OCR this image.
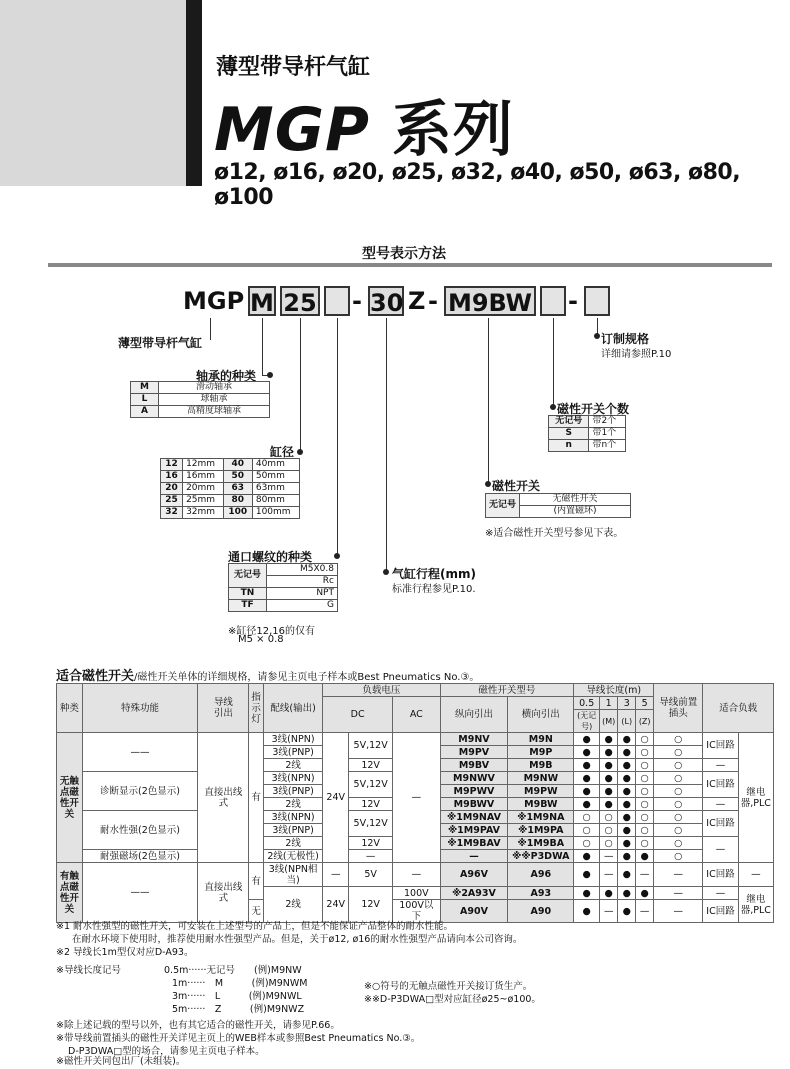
薄型带导杆气缸
MGP 系列
ø12, ø16, ø20, ø25, ø32, ø40, ø50, ø63, ø80, ø100
型号表示方法
MGP M 25 - 30 Z - M9BW -
薄型带导杆气缸
轴承的种类
M	滑动轴承
L	球轴承
A	高精度球轴承
缸径
12	12mm	40	40mm
16	16mm	50	50mm
20	20mm	63	63mm
25	25mm	80	80mm
32	32mm	100	100mm
通口螺纹的种类
无记号	M5X0.8
	Rc
TN	NPT
TF	G
※缸径12,16的仅有
M5 × 0.8
气缸行程(mm)
标准行程参见P.10.
磁性开关
无记号	无磁性开关
(内置磁环)
※适合磁性开关型号参见下表。
磁性开关个数
无记号	带2个
S	带1个
n	带n个
订制规格
详细请参照P.10
适合磁性开关/磁性开关单体的详细规格，请参见主页电子样本或Best Pneumatics No.③。
种类	特殊功能	导线
引出	指示灯	配线(输出)	负载电压			磁性开关型号		导线长度(m)				导线前置插头	适合负载	
					DC		AC	纵向引出	横向引出	0.5	1	3	5			
										(无记号)	(M)	(L)	(Z)			
无触点磁性开关	——	直接出线式	有	3线(NPN)	24V	5V,12V	—	M9NV	M9N	●	●	●	○	○	IC回路	继电器,PLC
				3线(PNP)				M9PV	M9P	●	●	●	○	○		
				2线		12V		M9BV	M9B	●	●	●	○	○	—	
	诊断显示(2色显示)			3线(NPN)		5V,12V		M9NWV	M9NW	●	●	●	○	○	IC回路	
				3线(PNP)				M9PWV	M9PW	●	●	●	○	○		
				2线		12V		M9BWV	M9BW	●	●	●	○	○	—	
	耐水性强(2色显示)			3线(NPN)		5V,12V		※1M9NAV	※1M9NA	○	○	●	○	○	IC回路	
				3线(PNP)				※1M9PAV	※1M9PA	○	○	●	○	○		
				2线		12V		※1M9BAV	※1M9BA	○	○	●	○	○	—	
	耐强磁场(2色显示)			2线(无极性)		—		—	※※P3DWA	●	—	●	●	○		
有触点磁性开关	——	直接出线式	有	3线(NPN相当)	—	5V	—	A96V	A96	●	—	●	—	—	IC回路	—

				2线	24V	12V	100V	※2A93V	A93	●	●	●	●	—	—	继电器,PLC
			无				100V以下	A90V	A90	●	—	●	—	—	IC回路	
※1 耐水性强型的磁性开关，可安装在上述型号的产品上，但是不能保证产品整体的耐水性能。
在耐水环境下使用时，推荐使用耐水性强型产品。但是，关于ø12, ø16的耐水性强型产品请向本公司咨询。
※2 导线长1m型仅对应D-A93。
※导线长度记号	0.5m······无记号　　(例)M9NW
1m······　M　　　(例)M9NWM
3m······　L　　　(例)M9NWL
5m······　Z　　　(例)M9NWZ
※○符号的无触点磁性开关接订货生产。
※※D-P3DWA□型对应缸径ø25~ø100。
※除上述记载的型号以外，也有其它适合的磁性开关，请参见P.66。
※带导线前置插头的磁性开关详见主页上的WEB样本或参照Best Pneumatics No.③。
D-P3DWA□型的场合，请参见主页电子样本。
※磁性开关同包出厂(未组装)。
